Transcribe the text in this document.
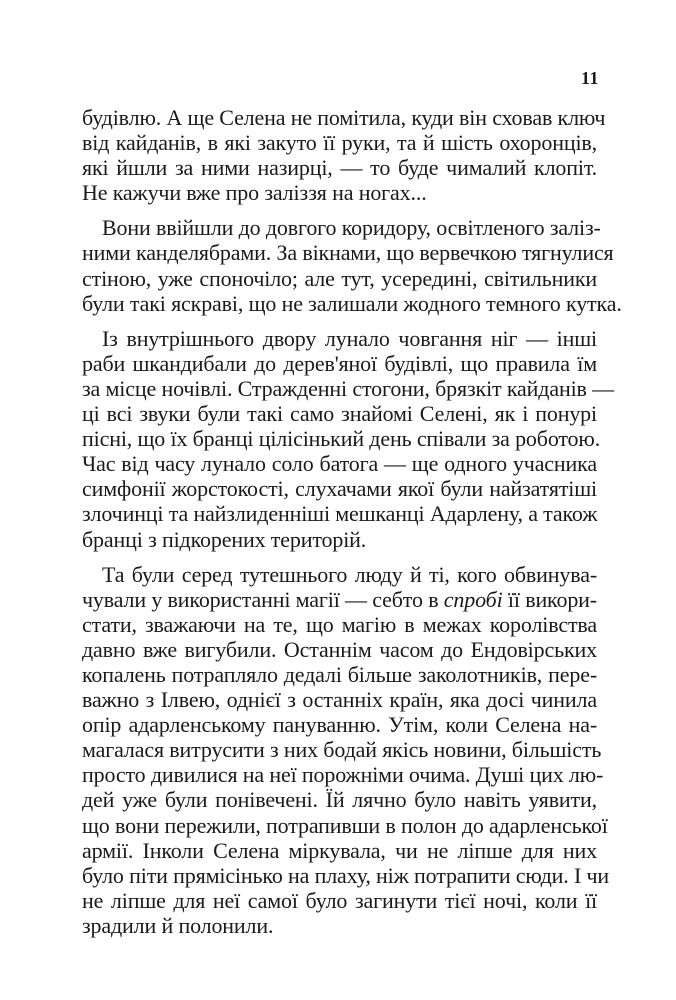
11
будівлю. А ще Селена не помітила, куди він сховав ключ
від кайданів, в які закуто її руки, та й шість охоронців,
які йшли за ними назирці, — то буде чималий клопіт.
Не кажучи вже про заліззя на ногах...
Вони ввійшли до довгого коридору, освітленого заліз-
ними канделябрами. За вікнами, що вервечкою тягнулися
стіною, уже споночіло; але тут, усередині, світильники
були такі яскраві, що не залишали жодного темного кутка.
Із внутрішнього двору лунало човгання ніг — інші
раби шкандибали до дерев'яної будівлі, що правила їм
за місце ночівлі. Стражденні стогони, брязкіт кайданів —
ці всі звуки були такі само знайомі Селені, як і понурі
пісні, що їх бранці цілісінький день співали за роботою.
Час від часу лунало соло батога — ще одного учасника
симфонії жорстокості, слухачами якої були найзатятіші
злочинці та найзлиденніші мешканці Адарлену, а також
бранці з підкорених територій.
Та були серед тутешнього люду й ті, кого обвинува-
чували у використанні магії — себто в спробі її викори-
стати, зважаючи на те, що магію в межах королівства
давно вже вигубили. Останнім часом до Ендовірських
копалень потрапляло дедалі більше заколотників, пере-
важно з Ілвею, однієї з останніх країн, яка досі чинила
опір адарленському пануванню. Утім, коли Селена на-
магалася витрусити з них бодай якісь новини, більшість
просто дивилися на неї порожніми очима. Душі цих лю-
дей уже були понівечені. Їй лячно було навіть уявити,
що вони пережили, потрапивши в полон до адарленської
армії. Інколи Селена міркувала, чи не ліпше для них
було піти прямісінько на плаху, ніж потрапити сюди. І чи
не ліпше для неї самої було загинути тієї ночі, коли її
зрадили й полонили.
